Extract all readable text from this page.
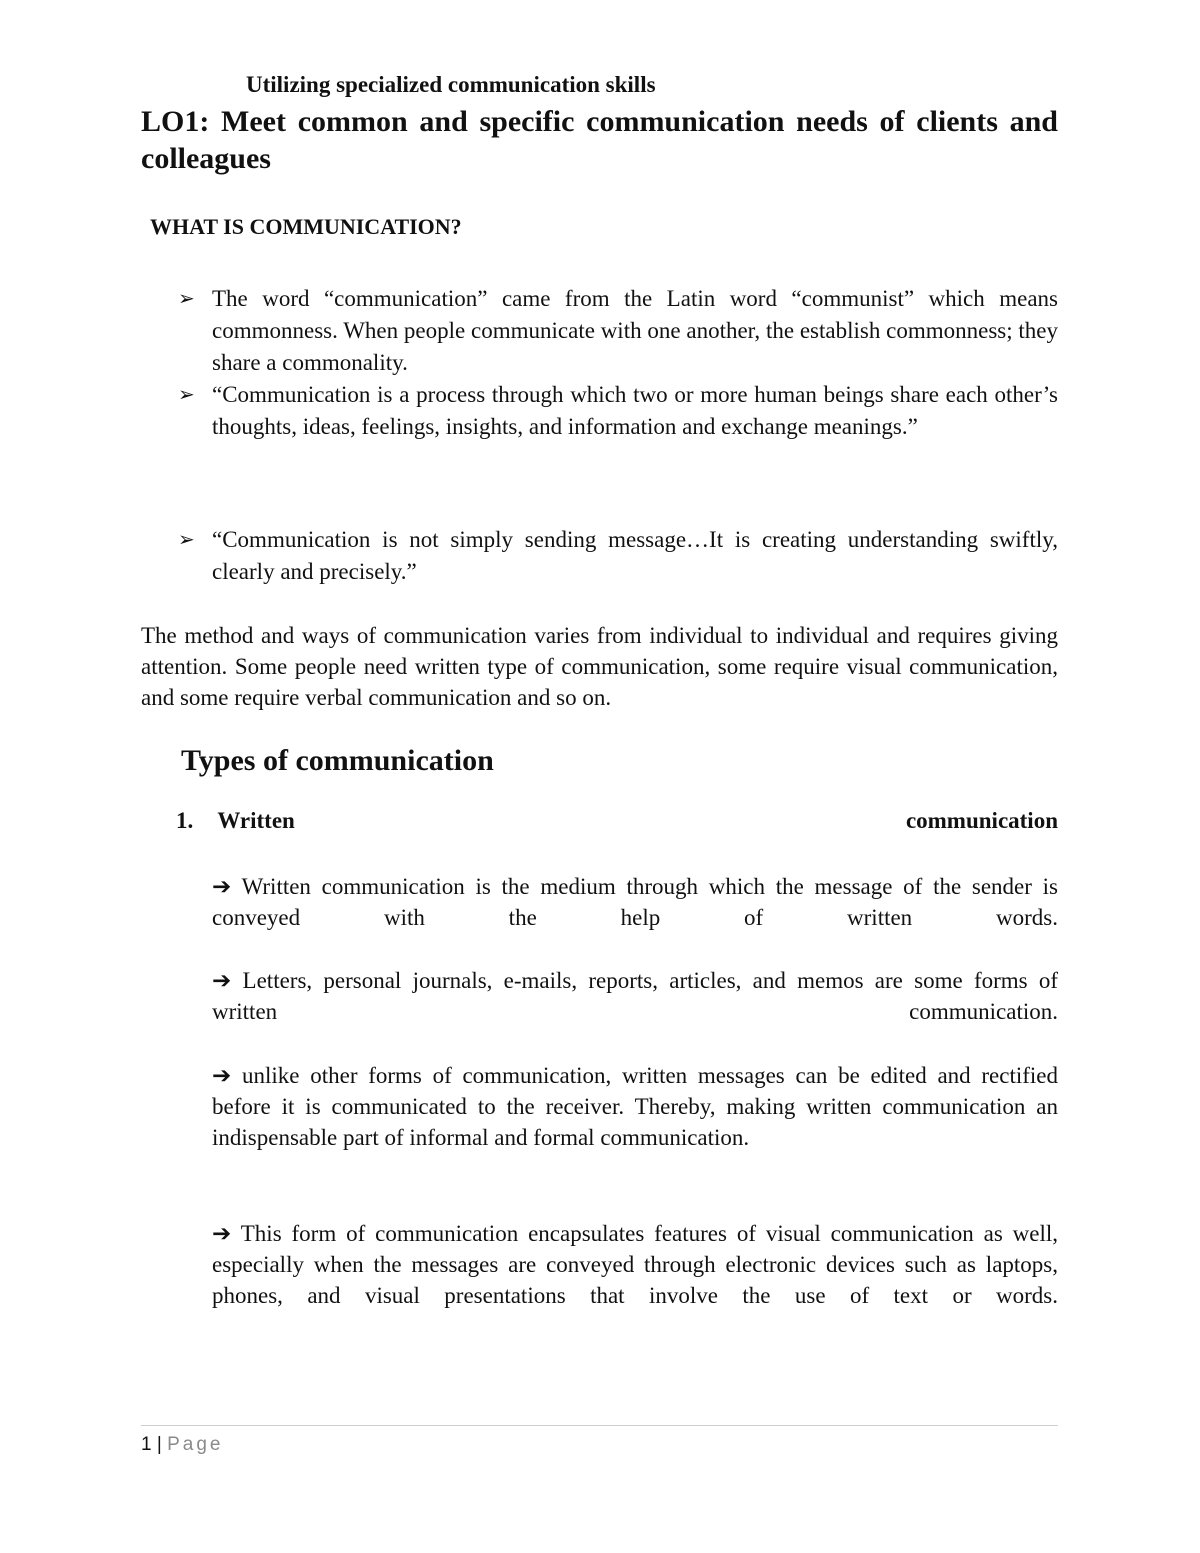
Utilizing specialized communication skills

LO1: Meet common and specific communication needs of clients and colleagues
WHAT IS COMMUNICATION?
➢ The word “communication” came from the Latin word “communist” which means commonness. When people communicate with one another, the establish commonness; they share a commonality.
➢ “Communication is a process through which two or more human beings share each other’s thoughts, ideas, feelings, insights, and information and exchange meanings.”
➢ “Communication is not simply sending message…It is creating understanding swiftly, clearly and precisely.”

The method and ways of communication varies from individual to individual and requires giving attention. Some people need written type of communication, some require visual communication, and some require verbal communication and so on.

Types of communication
1. Written	communication

➔ Written communication is the medium through which the message of the sender is conveyed with the help of written words.

➔ Letters, personal journals, e-mails, reports, articles, and memos are some forms of written communication.

➔ unlike other forms of communication, written messages can be edited and rectified before it is communicated to the receiver. Thereby, making written communication an indispensable part of informal and formal communication.

➔ This form of communication encapsulates features of visual communication as well, especially when the messages are conveyed through electronic devices such as laptops, phones, and visual presentations that involve the use of text or words.

1 | Page
